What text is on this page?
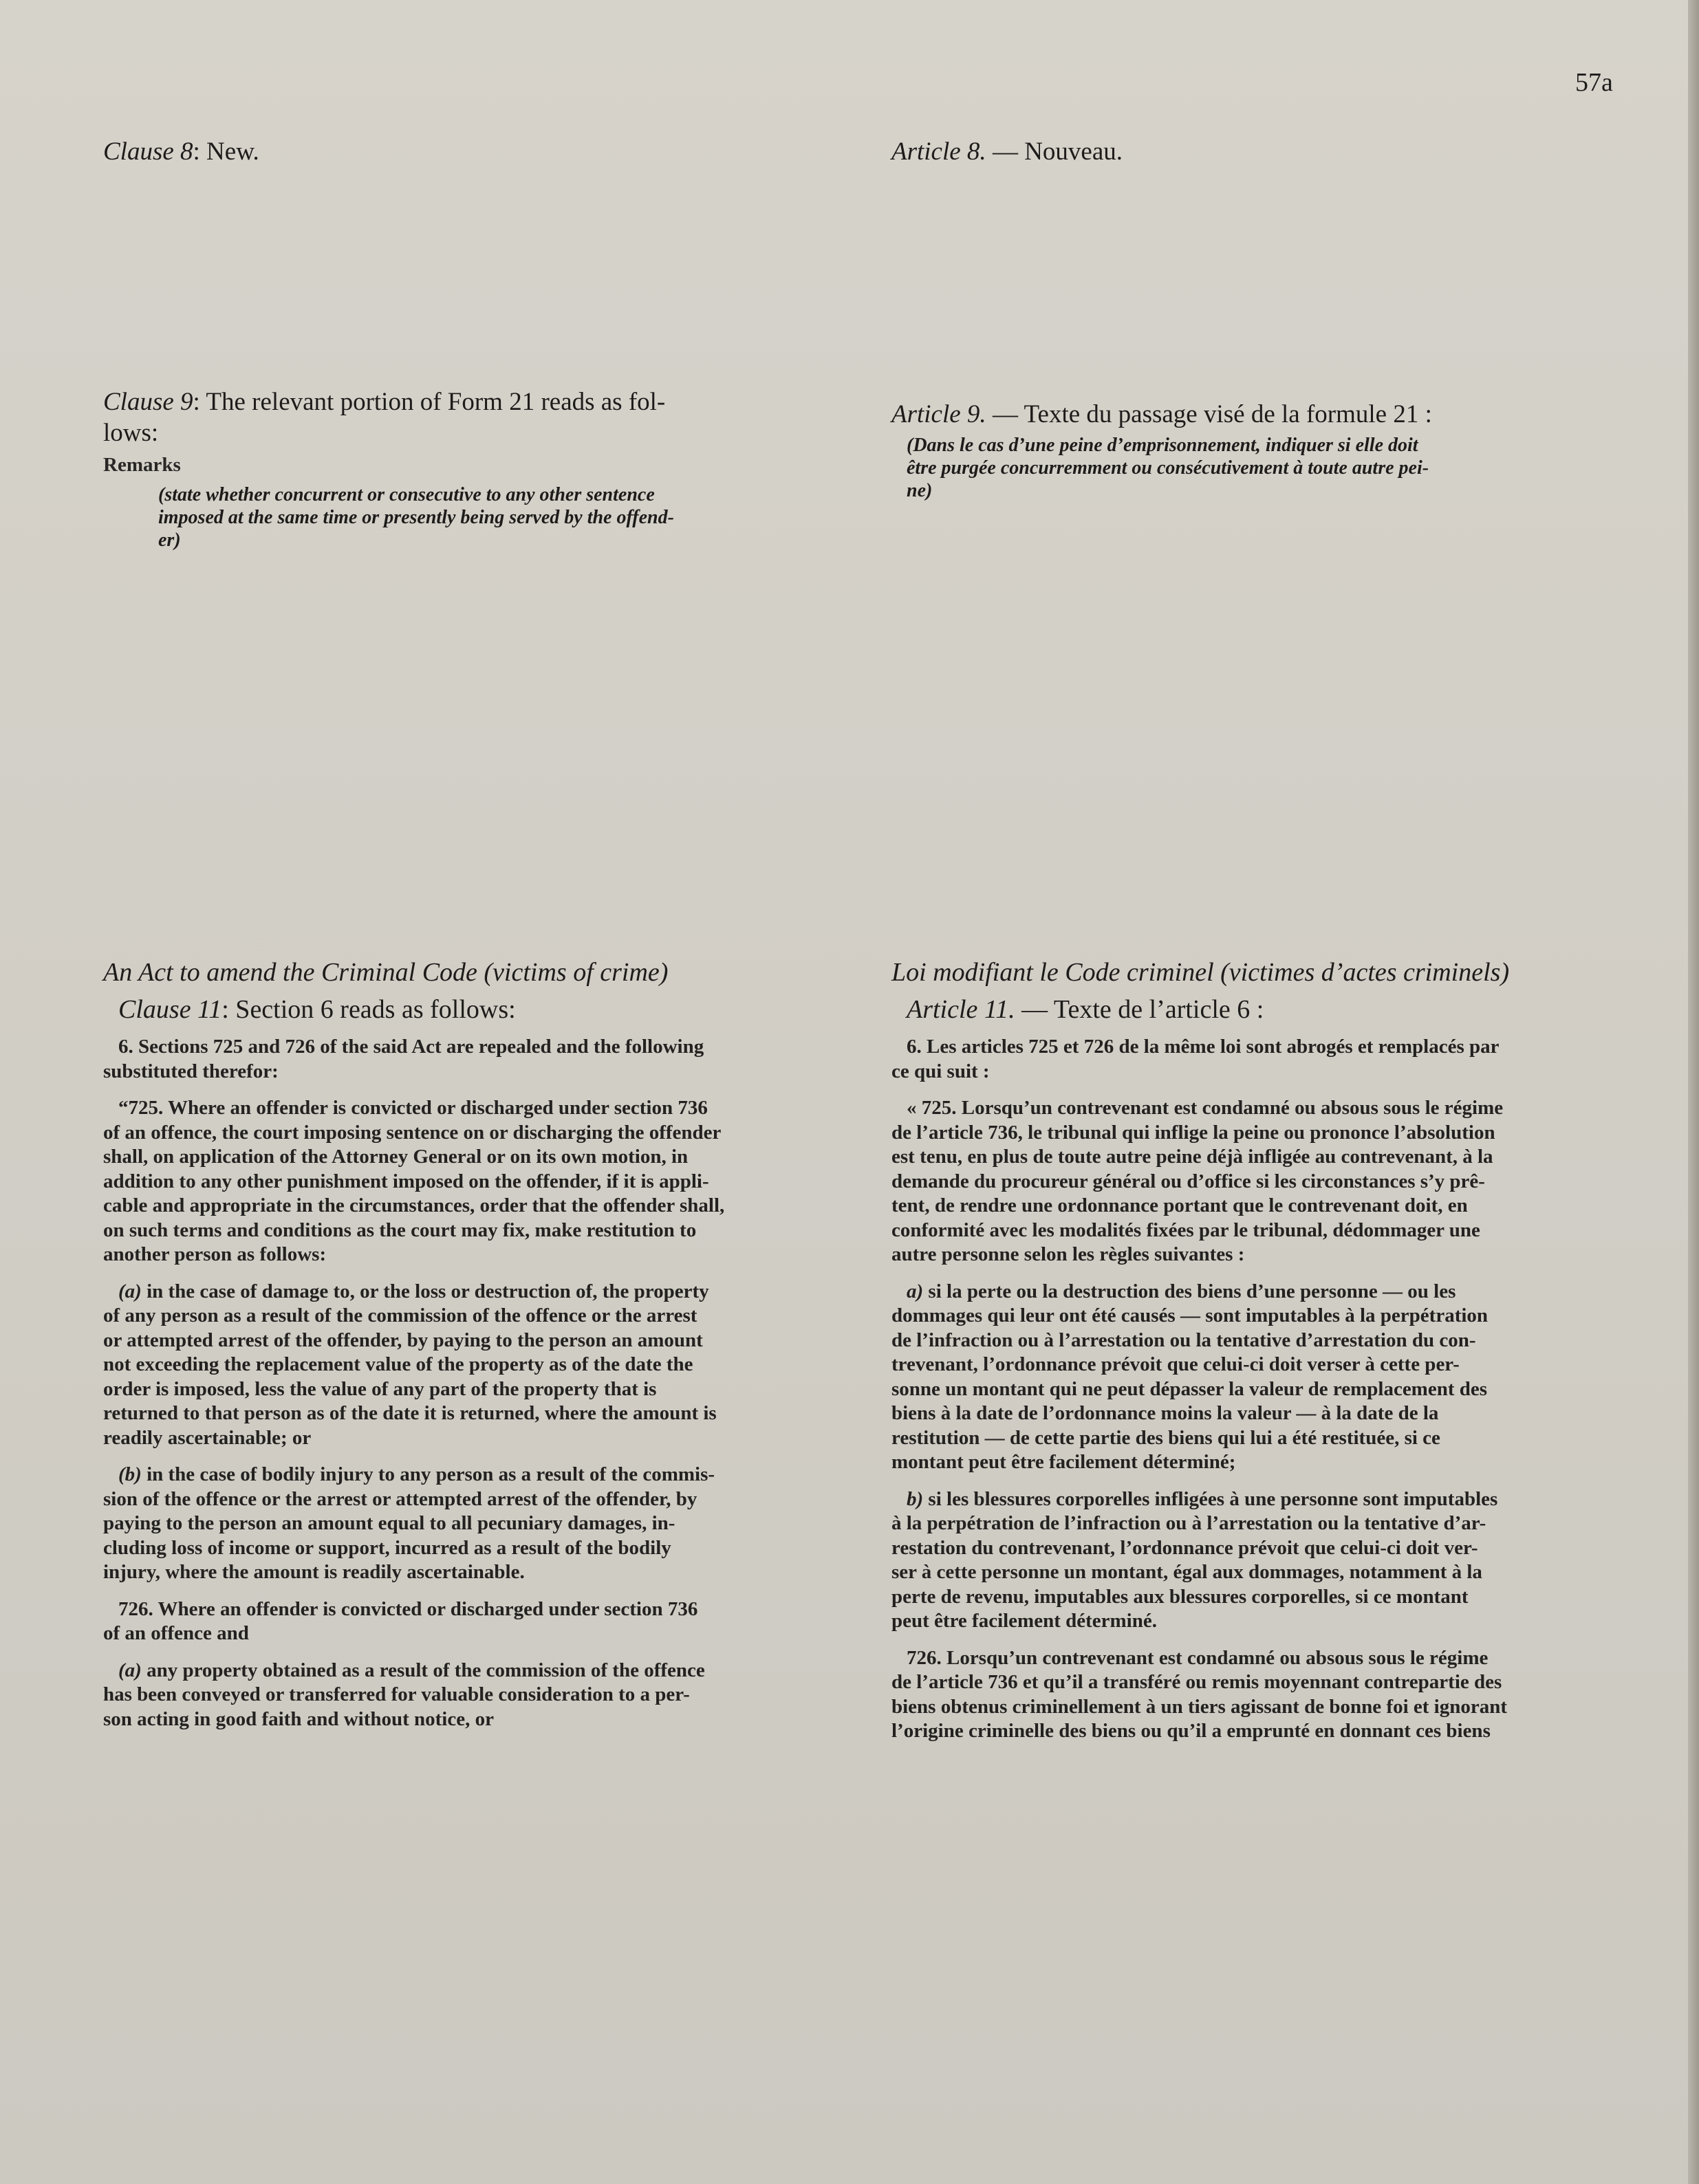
57a

Clause 8: New.

Clause 9: The relevant portion of Form 21 reads as fol-

lows:

Remarks

(state whether concurrent or consecutive to any other sentence

imposed at the same time or presently being served by the offend-

er)

An Act to amend the Criminal Code (victims of crime)

Clause 11: Section 6 reads as follows:

6. Sections 725 and 726 of the said Act are repealed and the following
substituted therefor:
“725. Where an offender is convicted or discharged under section 736
of an offence, the court imposing sentence on or discharging the offender
shall, on application of the Attorney General or on its own motion, in
addition to any other punishment imposed on the offender, if it is appli-
cable and appropriate in the circumstances, order that the offender shall,
on such terms and conditions as the court may fix, make restitution to
another person as follows:
(a) in the case of damage to, or the loss or destruction of, the property
of any person as a result of the commission of the offence or the arrest
or attempted arrest of the offender, by paying to the person an amount
not exceeding the replacement value of the property as of the date the
order is imposed, less the value of any part of the property that is
returned to that person as of the date it is returned, where the amount is
readily ascertainable; or
(b) in the case of bodily injury to any person as a result of the commis-
sion of the offence or the arrest or attempted arrest of the offender, by
paying to the person an amount equal to all pecuniary damages, in-
cluding loss of income or support, incurred as a result of the bodily
injury, where the amount is readily ascertainable.
726. Where an offender is convicted or discharged under section 736
of an offence and
(a) any property obtained as a result of the commission of the offence
has been conveyed or transferred for valuable consideration to a per-
son acting in good faith and without notice, or

Article 8. — Nouveau.

Article 9. — Texte du passage visé de la formule 21 :

(Dans le cas d’une peine d’emprisonnement, indiquer si elle doit

être purgée concurremment ou consécutivement à toute autre pei-

ne)

Loi modifiant le Code criminel (victimes d’actes criminels)

Article 11. — Texte de l’article 6 :

6. Les articles 725 et 726 de la même loi sont abrogés et remplacés par
ce qui suit :
« 725. Lorsqu’un contrevenant est condamné ou absous sous le régime
de l’article 736, le tribunal qui inflige la peine ou prononce l’absolution
est tenu, en plus de toute autre peine déjà infligée au contrevenant, à la
demande du procureur général ou d’office si les circonstances s’y prê-
tent, de rendre une ordonnance portant que le contrevenant doit, en
conformité avec les modalités fixées par le tribunal, dédommager une
autre personne selon les règles suivantes :
a) si la perte ou la destruction des biens d’une personne — ou les
dommages qui leur ont été causés — sont imputables à la perpétration
de l’infraction ou à l’arrestation ou la tentative d’arrestation du con-
trevenant, l’ordonnance prévoit que celui-ci doit verser à cette per-
sonne un montant qui ne peut dépasser la valeur de remplacement des
biens à la date de l’ordonnance moins la valeur — à la date de la
restitution — de cette partie des biens qui lui a été restituée, si ce
montant peut être facilement déterminé;
b) si les blessures corporelles infligées à une personne sont imputables
à la perpétration de l’infraction ou à l’arrestation ou la tentative d’ar-
restation du contrevenant, l’ordonnance prévoit que celui-ci doit ver-
ser à cette personne un montant, égal aux dommages, notamment à la
perte de revenu, imputables aux blessures corporelles, si ce montant
peut être facilement déterminé.
726. Lorsqu’un contrevenant est condamné ou absous sous le régime
de l’article 736 et qu’il a transféré ou remis moyennant contrepartie des
biens obtenus criminellement à un tiers agissant de bonne foi et ignorant
l’origine criminelle des biens ou qu’il a emprunté en donnant ces biens
